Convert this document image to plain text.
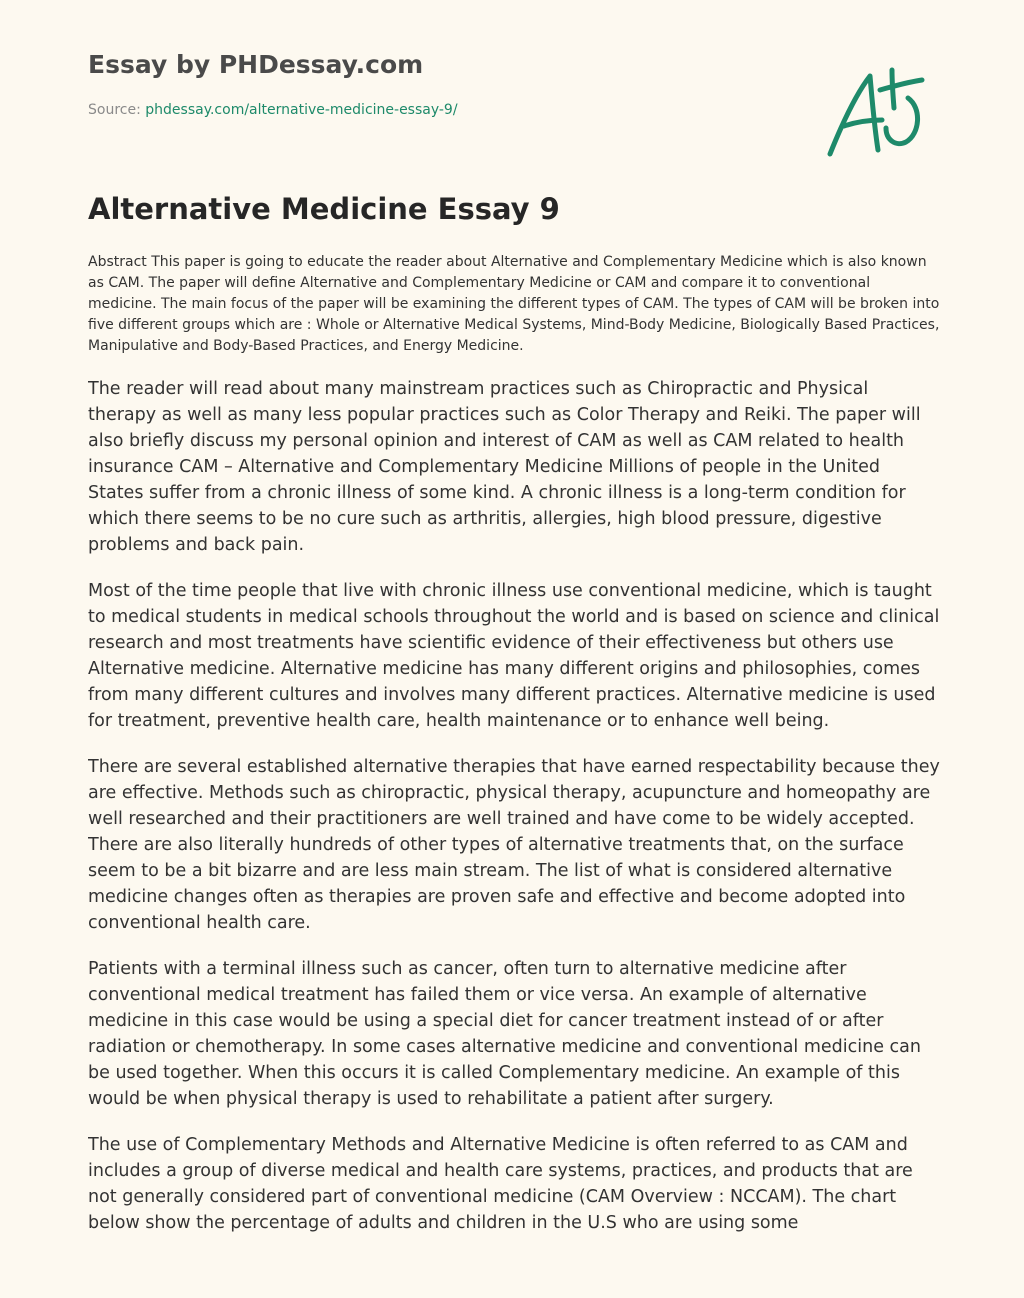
Essay by PHDessay.com
Source: phdessay.com/alternative-medicine-essay-9/
Alternative Medicine Essay 9

Abstract This paper is going to educate the reader about Alternative and Complementary Medicine which is also known as CAM. The paper will define Alternative and Complementary Medicine or CAM and compare it to conventional medicine. The main focus of the paper will be examining the different types of CAM. The types of CAM will be broken into five different groups which are : Whole or Alternative Medical Systems, Mind-Body Medicine, Biologically Based Practices, Manipulative and Body-Based Practices, and Energy Medicine.

The reader will read about many mainstream practices such as Chiropractic and Physical therapy as well as many less popular practices such as Color Therapy and Reiki. The paper will also briefly discuss my personal opinion and interest of CAM as well as CAM related to health insurance CAM – Alternative and Complementary Medicine Millions of people in the United States suffer from a chronic illness of some kind. A chronic illness is a long-term condition for which there seems to be no cure such as arthritis, allergies, high blood pressure, digestive problems and back pain.

Most of the time people that live with chronic illness use conventional medicine, which is taught to medical students in medical schools throughout the world and is based on science and clinical research and most treatments have scientific evidence of their effectiveness but others use Alternative medicine. Alternative medicine has many different origins and philosophies, comes from many different cultures and involves many different practices. Alternative medicine is used for treatment, preventive health care, health maintenance or to enhance well being.

There are several established alternative therapies that have earned respectability because they are effective. Methods such as chiropractic, physical therapy, acupuncture and homeopathy are well researched and their practitioners are well trained and have come to be widely accepted. There are also literally hundreds of other types of alternative treatments that, on the surface seem to be a bit bizarre and are less main stream. The list of what is considered alternative medicine changes often as therapies are proven safe and effective and become adopted into conventional health care.

Patients with a terminal illness such as cancer, often turn to alternative medicine after conventional medical treatment has failed them or vice versa. An example of alternative medicine in this case would be using a special diet for cancer treatment instead of or after radiation or chemotherapy. In some cases alternative medicine and conventional medicine can be used together. When this occurs it is called Complementary medicine. An example of this would be when physical therapy is used to rehabilitate a patient after surgery.

The use of Complementary Methods and Alternative Medicine is often referred to as CAM and includes a group of diverse medical and health care systems, practices, and products that are not generally considered part of conventional medicine (CAM Overview : NCCAM). The chart below show the percentage of adults and children in the U.S who are using some
